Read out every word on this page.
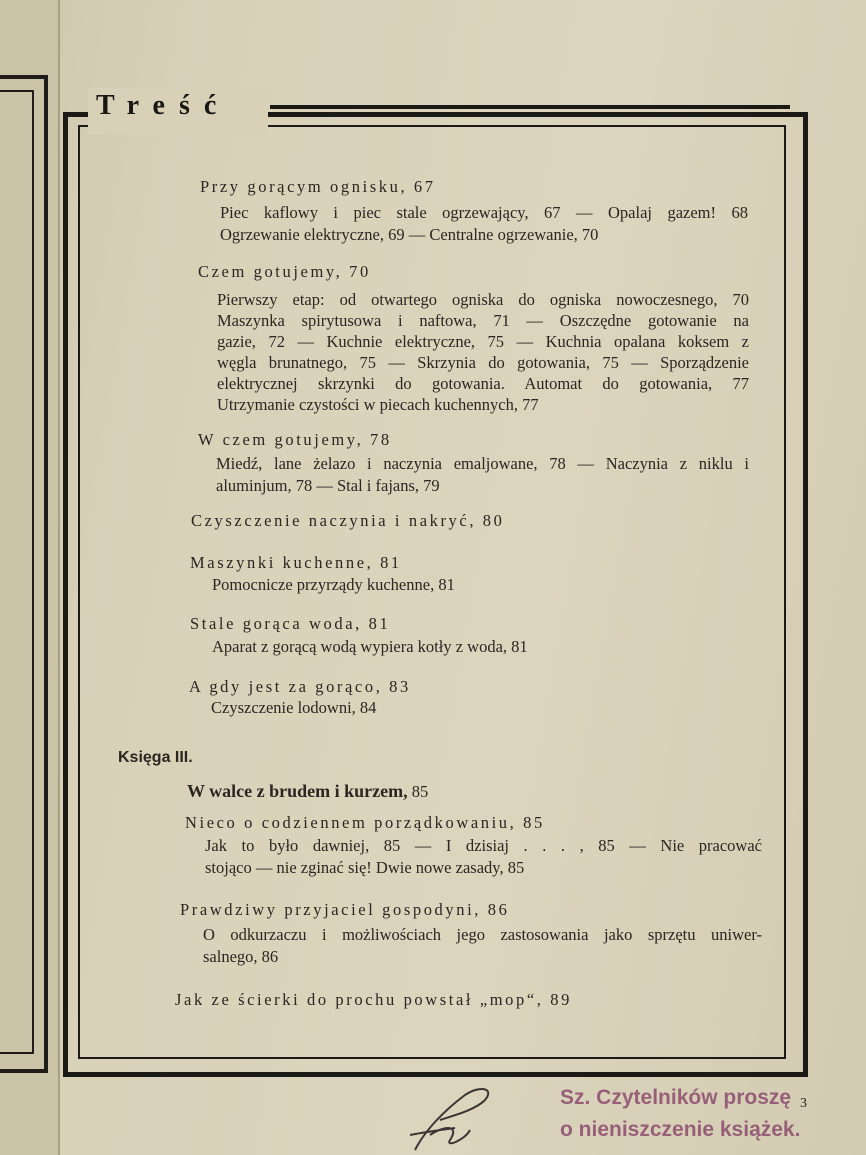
Treść
Przy gorącym ognisku, 67
Piec kaflowy i piec stale ogrzewający, 67 — Opalaj gazem! 68
Ogrzewanie elektryczne, 69 — Centralne ogrzewanie, 70
Czem gotujemy, 70
Pierwszy etap: od otwartego ogniska do ogniska nowoczesnego, 70
Maszynka spirytusowa i naftowa, 71 — Oszczędne gotowanie na
gazie, 72 — Kuchnie elektryczne, 75 — Kuchnia opalana koksem z
węgla brunatnego, 75 — Skrzynia do gotowania, 75 — Sporządzenie
elektrycznej skrzynki do gotowania. Automat do gotowania, 77
Utrzymanie czystości w piecach kuchennych, 77
W czem gotujemy, 78
Miedź, lane żelazo i naczynia emaljowane, 78 — Naczynia z niklu i
aluminjum, 78 — Stal i fajans, 79
Czyszczenie naczynia i nakryć, 80
Maszynki kuchenne, 81
Pomocnicze przyrządy kuchenne, 81
Stale gorąca woda, 81
Aparat z gorącą wodą wypiera kotły z woda, 81
A gdy jest za gorąco, 83
Czyszczenie lodowni, 84
Księga III.
W walce z brudem i kurzem, 85
Nieco o codziennem porządkowaniu, 85
Jak to było dawniej, 85 — I dzisiaj . . . , 85 — Nie pracować
stojąco — nie zginać się! Dwie nowe zasady, 85
Prawdziwy przyjaciel gospodyni, 86
O odkurzaczu i możliwościach jego zastosowania jako sprzętu uniwer-
salnego, 86
Jak ze ścierki do prochu powstał „mop“, 89
Sz. Czytelników proszę
o nieniszczenie książek.
3
